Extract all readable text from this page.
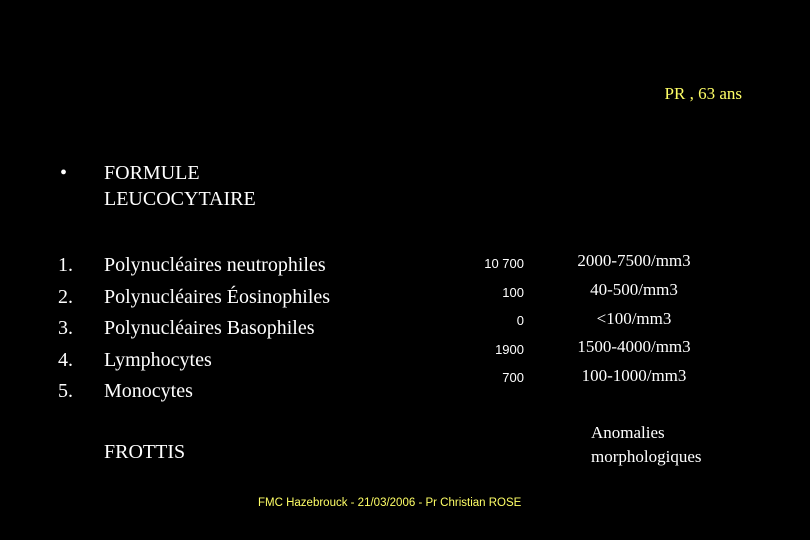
PR , 63 ans
• FORMULE
LEUCOCYTAIRE
1.
2.
3.
4.
5.
Polynucléaires neutrophiles
Polynucléaires Éosinophiles
Polynucléaires Basophiles
Lymphocytes
Monocytes
10 700
100
0
1900
700
2000-7500/mm3
40-500/mm3
<100/mm3
1500-4000/mm3
100-1000/mm3
FROTTIS
Anomalies
morphologiques
FMC Hazebrouck - 21/03/2006 - Pr Christian ROSE
